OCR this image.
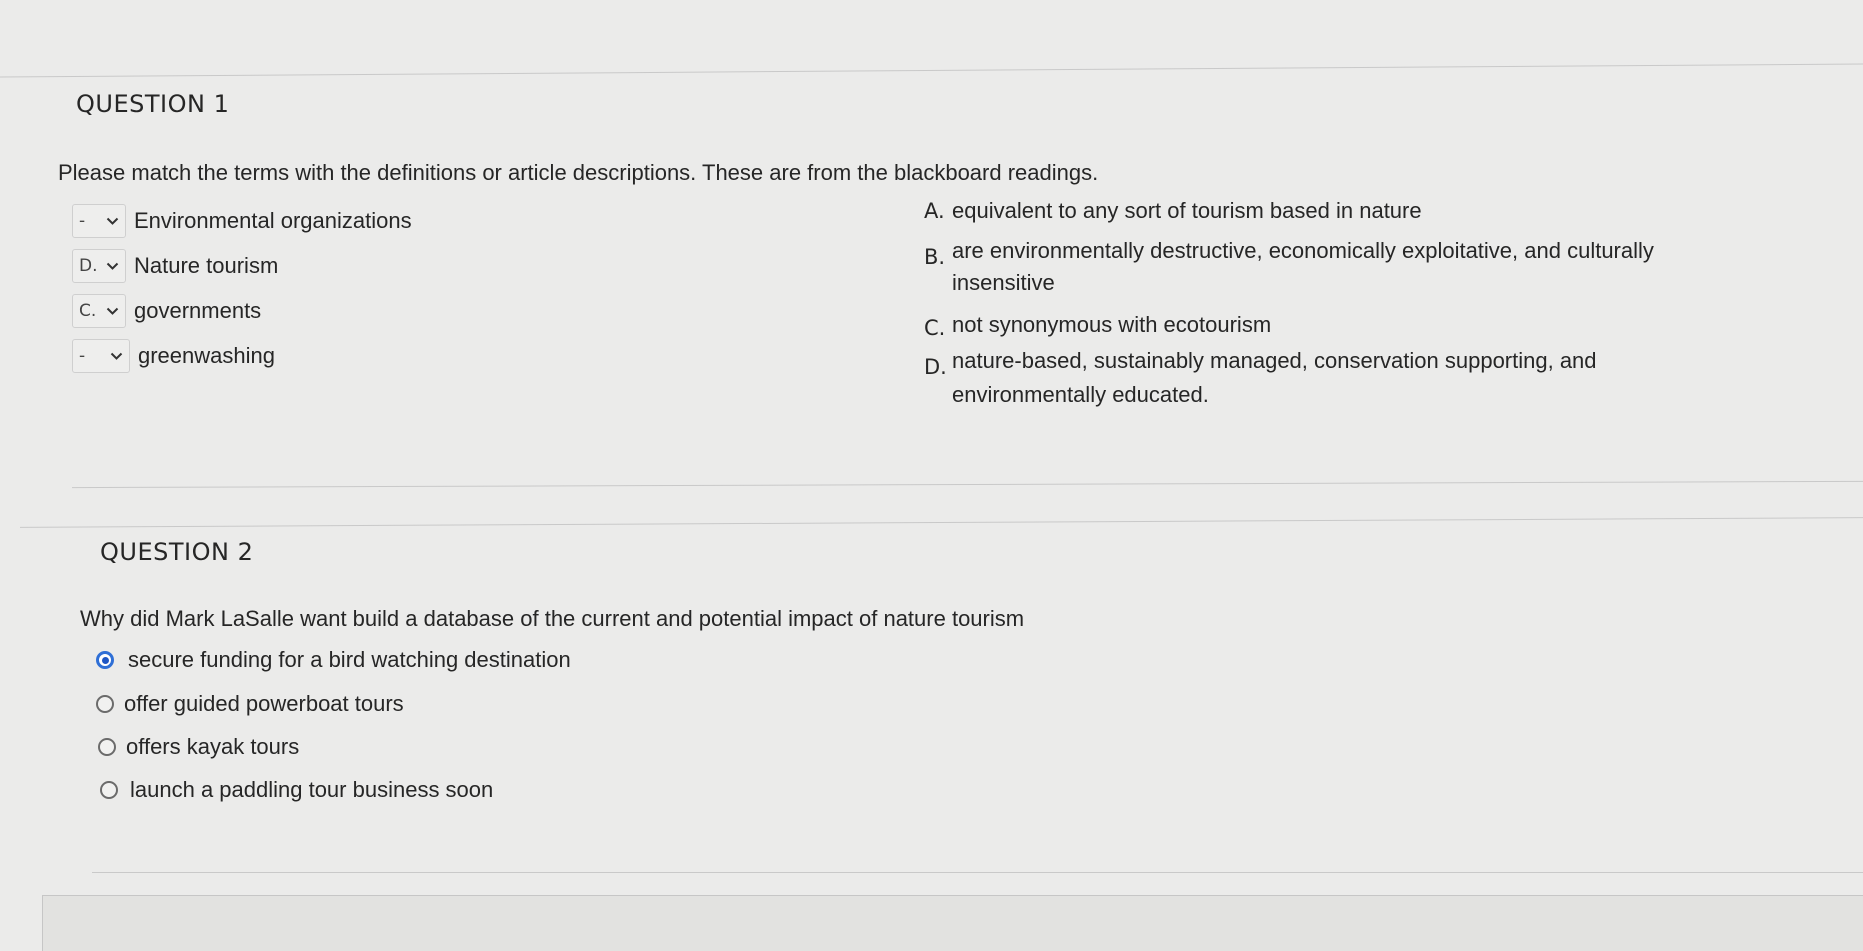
QUESTION 1
Please match the terms with the definitions or article descriptions. These are from the blackboard readings.
- Environmental organizations
D. Nature tourism
C. governments
- greenwashing
A. equivalent to any sort of tourism based in nature
B. are environmentally destructive, economically exploitative, and culturally
insensitive
C. not synonymous with ecotourism
D. nature-based, sustainably managed, conservation supporting, and
environmentally educated.
QUESTION 2
Why did Mark LaSalle want build a database of the current and potential impact of nature tourism
secure funding for a bird watching destination
offer guided powerboat tours
offers kayak tours
launch a paddling tour business soon
